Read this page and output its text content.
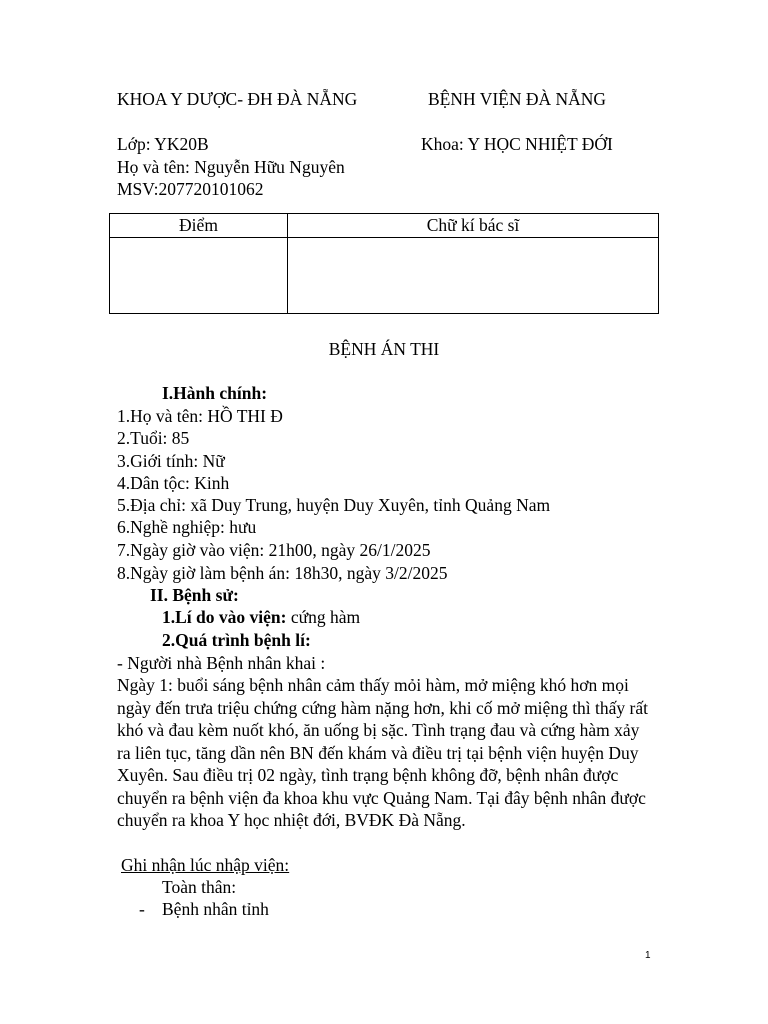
KHOA Y DƯỢC- ĐH ĐÀ NẴNG	BỆNH VIỆN ĐÀ NẴNG
Lớp: YK20B	Khoa: Y HỌC NHIỆT ĐỚI
Họ và tên: Nguyễn Hữu Nguyên
MSV:207720101062
Điểm	Chữ kí bác sĩ
BỆNH ÁN THI
I.Hành chính:
1.Họ và tên: HỒ THI Đ
2.Tuổi: 85
3.Giới tính: Nữ
4.Dân tộc: Kinh
5.Địa chỉ: xã Duy Trung, huyện Duy Xuyên, tỉnh Quảng Nam
6.Nghề nghiệp: hưu
7.Ngày giờ vào viện: 21h00, ngày 26/1/2025
8.Ngày giờ làm bệnh án: 18h30, ngày 3/2/2025
II. Bệnh sử:
1.Lí do vào viện: cứng hàm
2.Quá trình bệnh lí:
- Người nhà Bệnh nhân khai :
Ngày 1: buổi sáng bệnh nhân cảm thấy mỏi hàm, mở miệng khó hơn mọi ngày đến trưa triệu chứng cứng hàm nặng hơn, khi cố mở miệng thì thấy rất khó và đau kèm nuốt khó, ăn uống bị sặc. Tình trạng đau và cứng hàm xảy ra liên tục, tăng dần nên BN đến khám và điều trị tại bệnh viện huyện Duy Xuyên. Sau điều trị 02 ngày, tình trạng bệnh không đỡ, bệnh nhân được chuyển ra bệnh viện đa khoa khu vực Quảng Nam. Tại đây bệnh nhân được chuyển ra khoa Y học nhiệt đới, BVĐK Đà Nẵng.
Ghi nhận lúc nhập viện:
Toàn thân:
- Bệnh nhân tỉnh
1
